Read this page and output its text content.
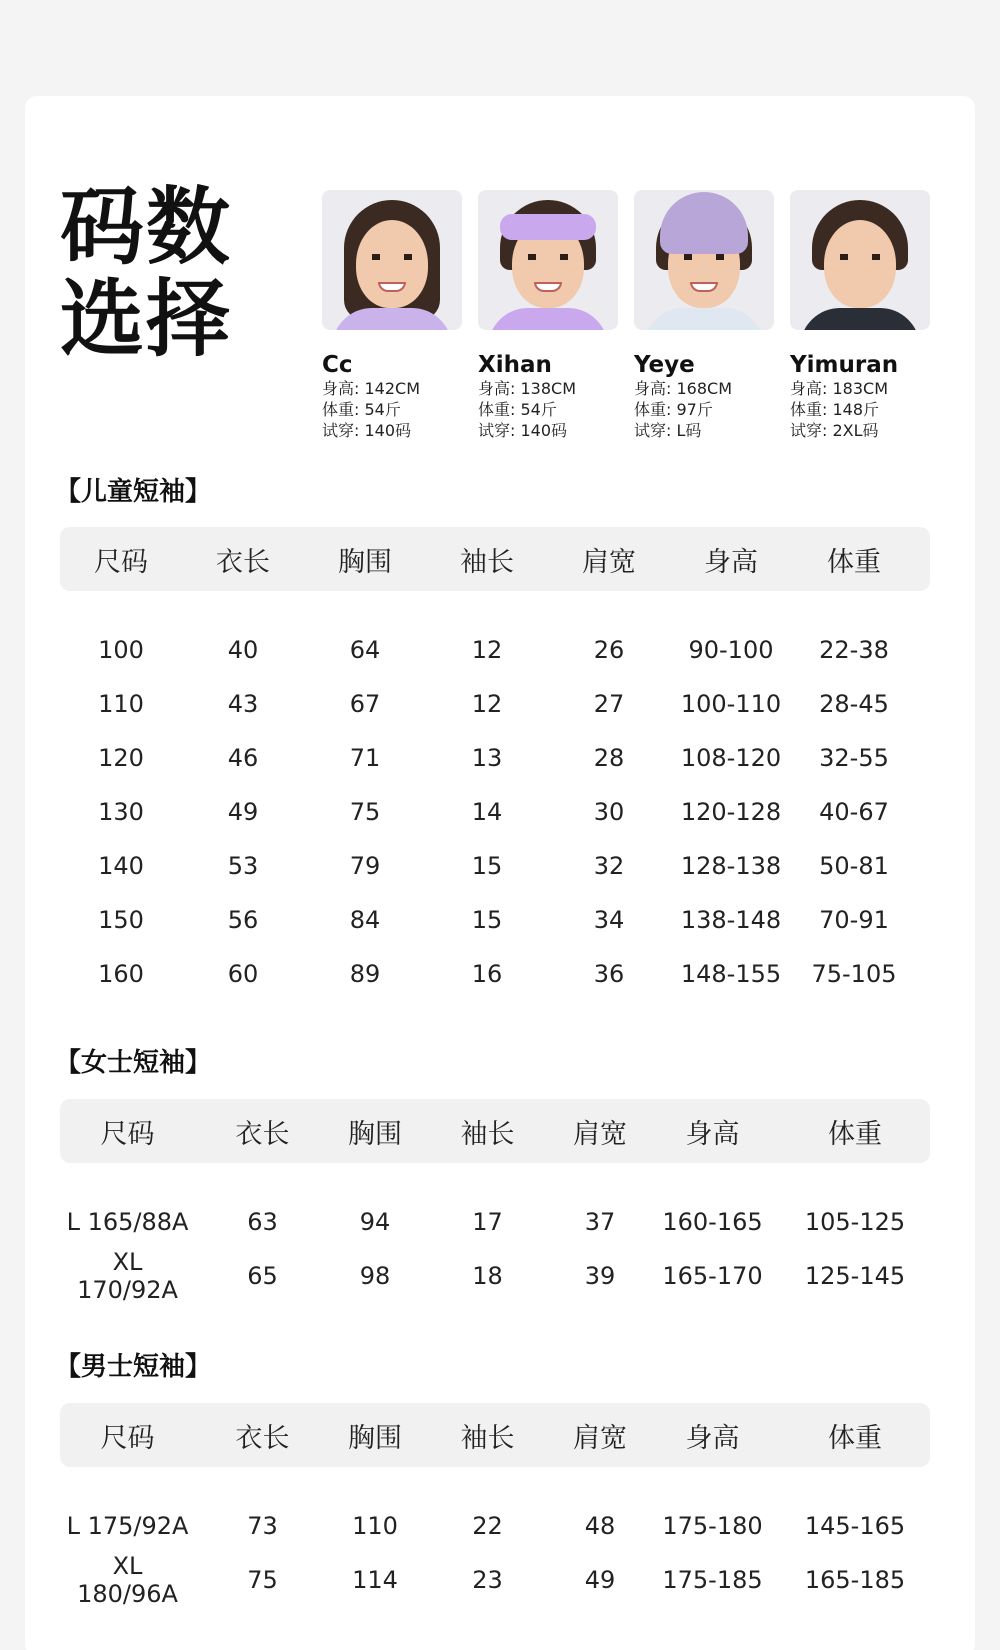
码数
选择	Cc
身高: 142CM
体重: 54斤
试穿: 140码
Xihan
身高: 138CM
体重: 54斤
试穿: 140码
Yeye
身高: 168CM
体重: 97斤
试穿: L码
Yimuran
身高: 183CM
体重: 148斤
试穿: 2XL码
【儿童短袖】
尺码	衣长	胸围	袖长	肩宽	身高	体重
100	40	64	12	26	90-100	22-38
110	43	67	12	27	100-110	28-45
120	46	71	13	28	108-120	32-55
130	49	75	14	30	120-128	40-67
140	53	79	15	32	128-138	50-81
150	56	84	15	34	138-148	70-91
160	60	89	16	36	148-155	75-105
【女士短袖】
尺码	衣长	胸围	袖长	肩宽	身高	体重
L 165/88A	63	94	17	37	160-165	105-125
XL 170/92A	65	98	18	39	165-170	125-145
【男士短袖】
尺码	衣长	胸围	袖长	肩宽	身高	体重
L 175/92A	73	110	22	48	175-180	145-165
XL 180/96A	75	114	23	49	175-185	165-185
